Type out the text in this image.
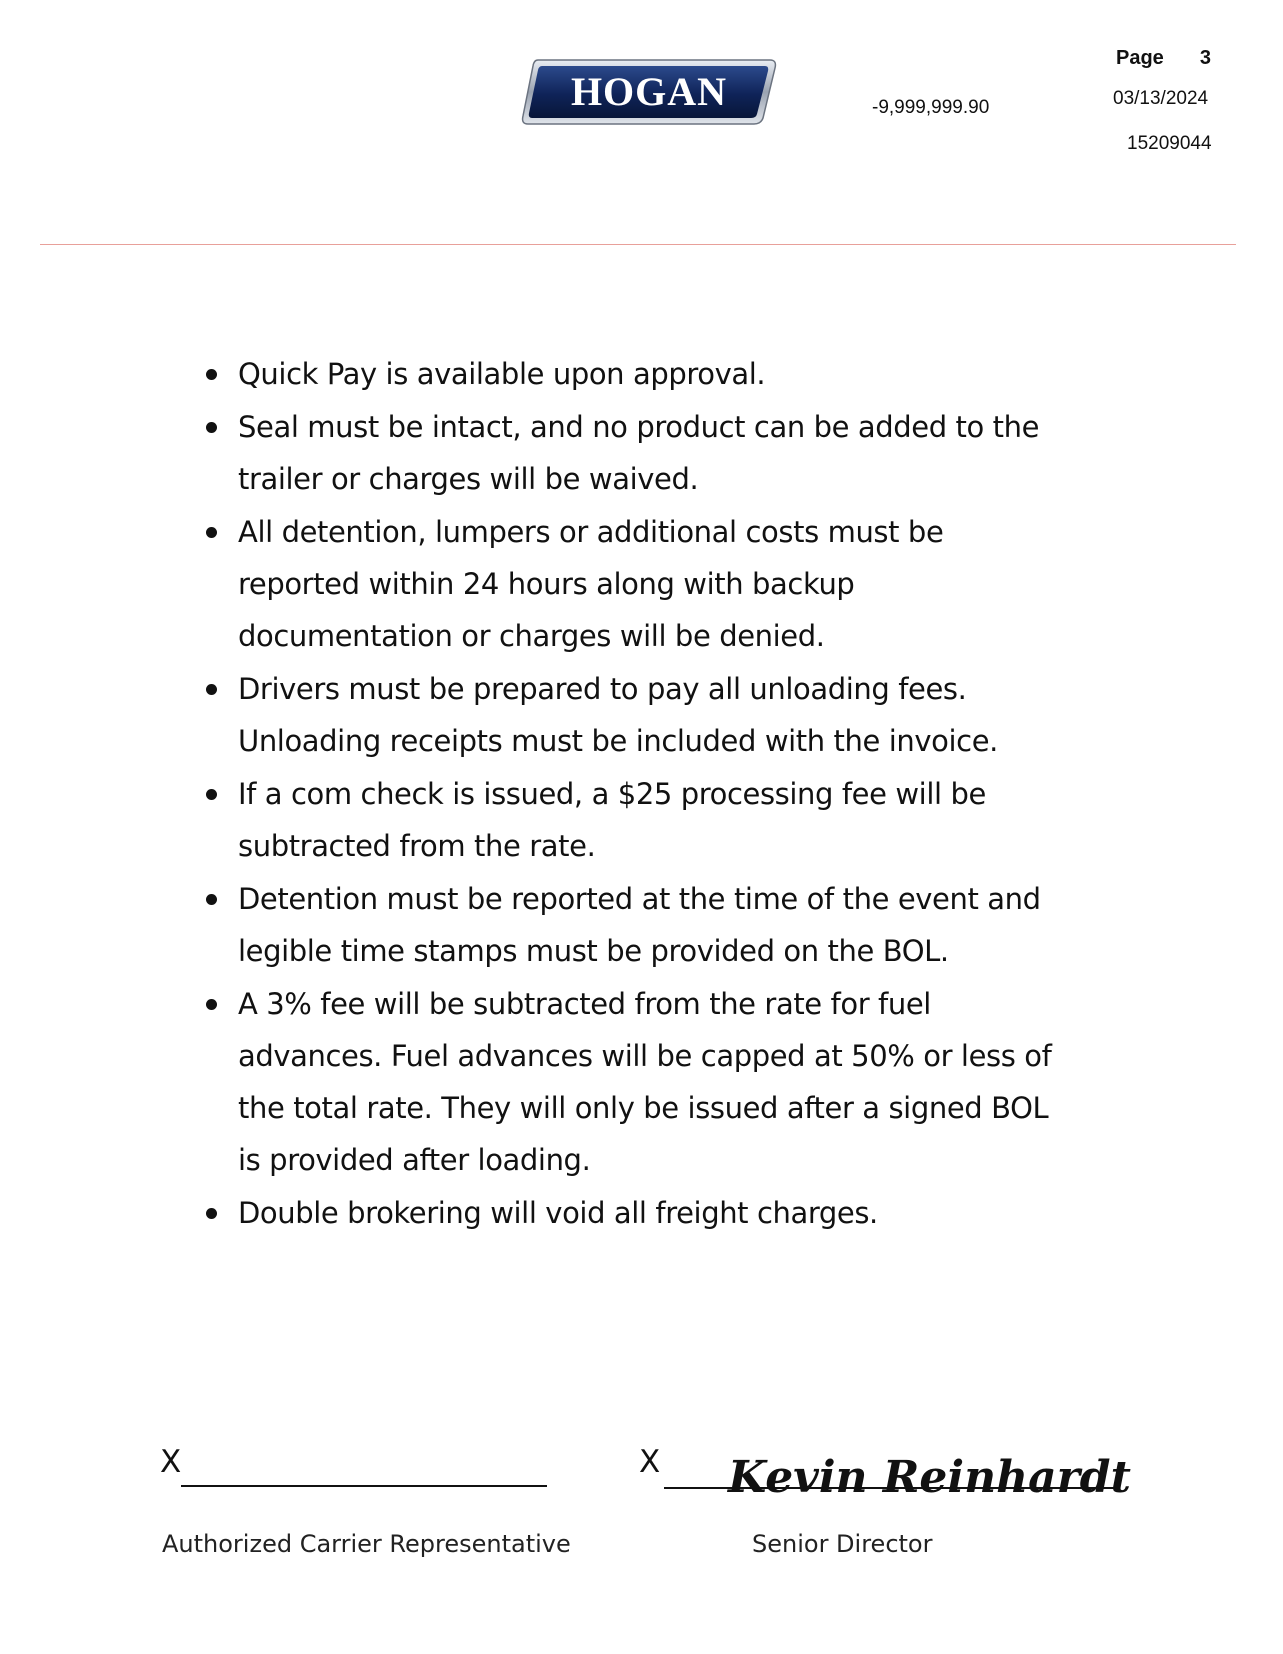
HOGAN	-9,999,999.90
Page 3
03/13/2024
15209044
Quick Pay is available upon approval.
Seal must be intact, and no product can be added to the
trailer or charges will be waived.
All detention, lumpers or additional costs must be
reported within 24 hours along with backup
documentation or charges will be denied.
Drivers must be prepared to pay all unloading fees.
Unloading receipts must be included with the invoice.
If a com check is issued, a $25 processing fee will be
subtracted from the rate.
Detention must be reported at the time of the event and
legible time stamps must be provided on the BOL.
A 3% fee will be subtracted from the rate for fuel
advances. Fuel advances will be capped at 50% or less of
the total rate. They will only be issued after a signed BOL
is provided after loading.
Double brokering will void all freight charges.
X
Authorized Carrier Representative
X Kevin Reinhardt
Senior Director
